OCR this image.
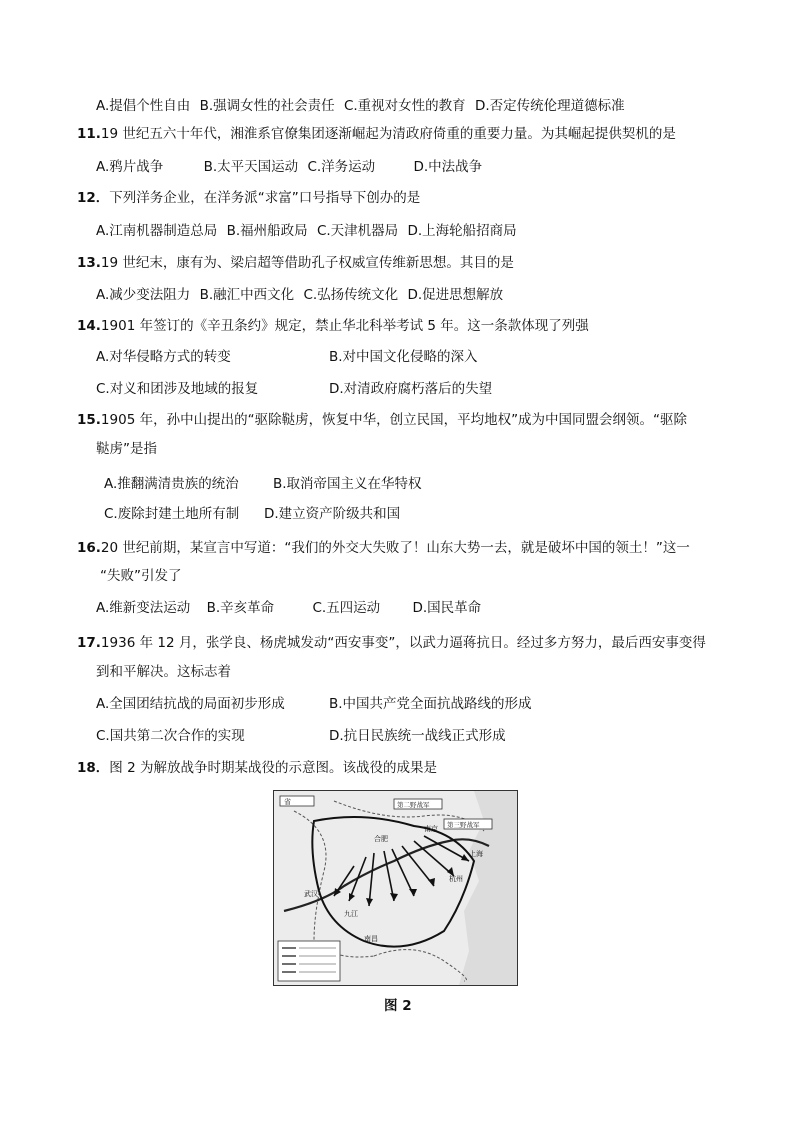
A.提倡个性自由 B.强调女性的社会责任 C.重视对女性的教育 D.否定传统伦理道德标准
11.19 世纪五六十年代，湘淮系官僚集团逐渐崛起为清政府倚重的重要力量。为其崛起提供契机的是
A.鸦片战争	B.太平天国运动 C.洋务运动	D.中法战争
12．下列洋务企业，在洋务派“求富”口号指导下创办的是
A.江南机器制造总局 B.福州船政局 C.天津机器局 D.上海轮船招商局
13.19 世纪末，康有为、梁启超等借助孔子权威宣传维新思想。其目的是
A.减少变法阻力 B.融汇中西文化 C.弘扬传统文化 D.促进思想解放
14.1901 年签订的《辛丑条约》规定，禁止华北科举考试 5 年。这一条款体现了列强
A.对华侵略方式的转变	B.对中国文化侵略的深入
C.对义和团涉及地域的报复	D.对清政府腐朽落后的失望
15.1905 年，孙中山提出的“驱除鞑虏，恢复中华，创立民国，平均地权”成为中国同盟会纲领。“驱除
鞑虏”是指
A.推翻满清贵族的统治	B.取消帝国主义在华特权
C.废除封建土地所有制 D.建立资产阶级共和国
16.20 世纪前期，某宣言中写道：“我们的外交大失败了！山东大势一去，就是破坏中国的领土！”这一
“失败”引发了
A.维新变法运动 B.辛亥革命	C.五四运动 D.国民革命
17.1936 年 12 月，张学良、杨虎城发动“西安事变”，以武力逼蒋抗日。经过多方努力，最后西安事变得
到和平解决。这标志着
A.全国团结抗战的局面初步形成	B.中国共产党全面抗战路线的形成
C.国共第二次合作的实现	D.抗日民族统一战线正式形成
18．图 2 为解放战争时期某战役的示意图。该战役的成果是
省	第二野战军
第三野战军
合肥
南京
上海
杭州
武汉
九江
南昌
图 2
